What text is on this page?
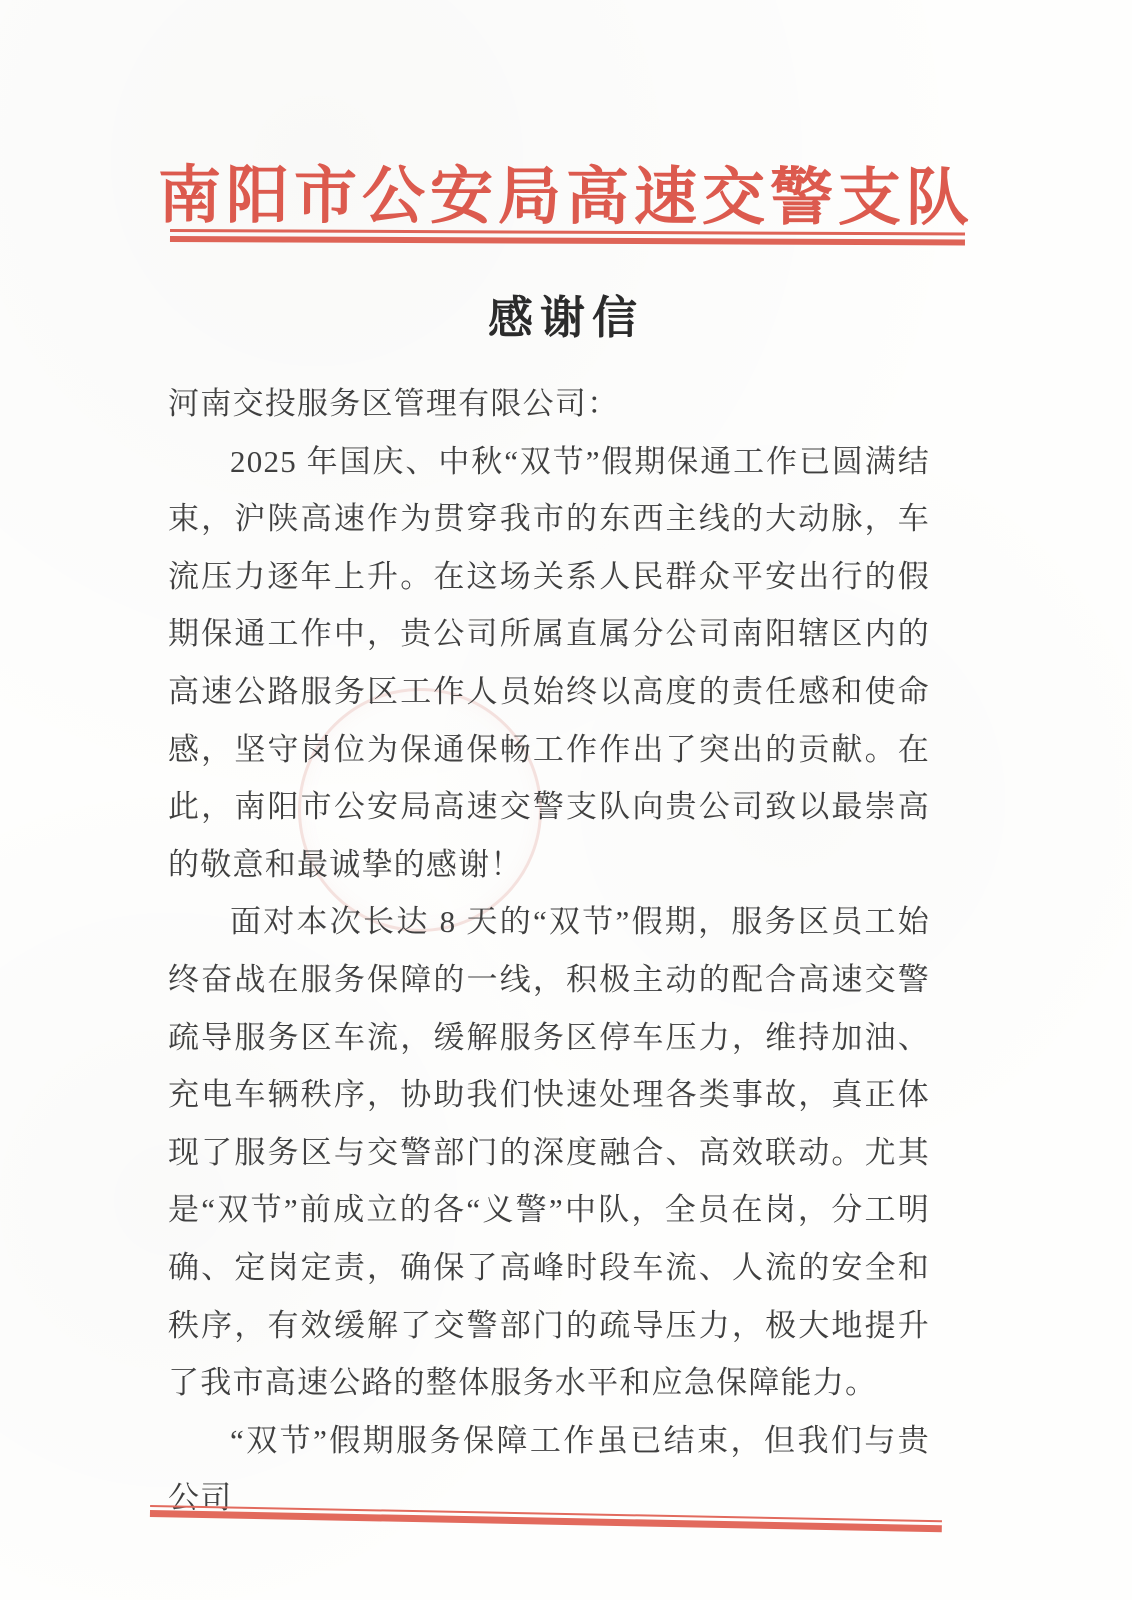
南阳市公安局高速交警支队
感谢信

河南交投服务区管理有限公司：

2025 年国庆、中秋“双节”假期保通工作已圆满结束，沪陕高速作为贯穿我市的东西主线的大动脉，车流压力逐年上升。在这场关系人民群众平安出行的假期保通工作中，贵公司所属直属分公司南阳辖区内的高速公路服务区工作人员始终以高度的责任感和使命感，坚守岗位为保通保畅工作作出了突出的贡献。在此，南阳市公安局高速交警支队向贵公司致以最崇高的敬意和最诚挚的感谢！

面对本次长达 8 天的“双节”假期，服务区员工始终奋战在服务保障的一线，积极主动的配合高速交警疏导服务区车流，缓解服务区停车压力，维持加油、充电车辆秩序，协助我们快速处理各类事故，真正体现了服务区与交警部门的深度融合、高效联动。尤其是“双节”前成立的各“义警”中队，全员在岗，分工明确、定岗定责，确保了高峰时段车流、人流的安全和秩序，有效缓解了交警部门的疏导压力，极大地提升了我市高速公路的整体服务水平和应急保障能力。

“双节”假期服务保障工作虽已结束，但我们与贵公司
